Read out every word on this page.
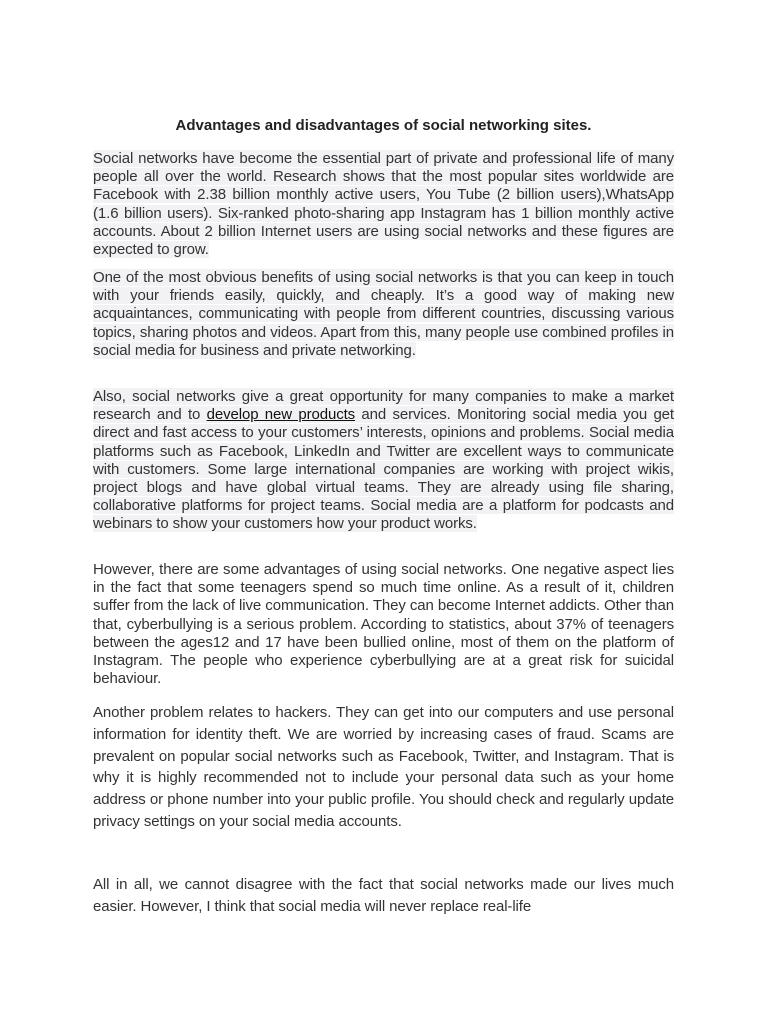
Advantages and disadvantages of social networking sites.

Social networks have become the essential part of private and professional life of many people all over the world. Research shows that the most popular sites worldwide are Facebook with 2.38 billion monthly active users, You Tube (2 billion users),WhatsApp (1.6 billion users). Six-ranked photo-sharing app Instagram has 1 billion monthly active accounts. About 2 billion Internet users are using social networks and these figures are expected to grow.

One of the most obvious benefits of using social networks is that you can keep in touch with your friends easily, quickly, and cheaply. It’s a good way of making new acquaintances, communicating with people from different countries, discussing various topics, sharing photos and videos. Apart from this, many people use combined profiles in social media for business and private networking.

Also, social networks give a great opportunity for many companies to make a market research and to develop new products and services. Monitoring social media you get direct and fast access to your customers’ interests, opinions and problems. Social media platforms such as Facebook, LinkedIn and Twitter are excellent ways to communicate with customers. Some large international companies are working with project wikis, project blogs and have global virtual teams. They are already using file sharing, collaborative platforms for project teams. Social media are a platform for podcasts and webinars to show your customers how your product works.

However, there are some advantages of using social networks. One negative aspect lies in the fact that some teenagers spend so much time online. As a result of it, children suffer from the lack of live communication. They can become Internet addicts. Other than that, cyberbullying is a serious problem. According to statistics, about 37% of teenagers between the ages12 and 17 have been bullied online, most of them on the platform of Instagram. The people who experience cyberbullying are at a great risk for suicidal behaviour.

Another problem relates to hackers. They can get into our computers and use personal information for identity theft. We are worried by increasing cases of fraud. Scams are prevalent on popular social networks such as Facebook, Twitter, and Instagram. That is why it is highly recommended not to include your personal data such as your home address or phone number into your public profile. You should check and regularly update privacy settings on your social media accounts.

All in all, we cannot disagree with the fact that social networks made our lives much easier. However, I think that social media will never replace real-life
